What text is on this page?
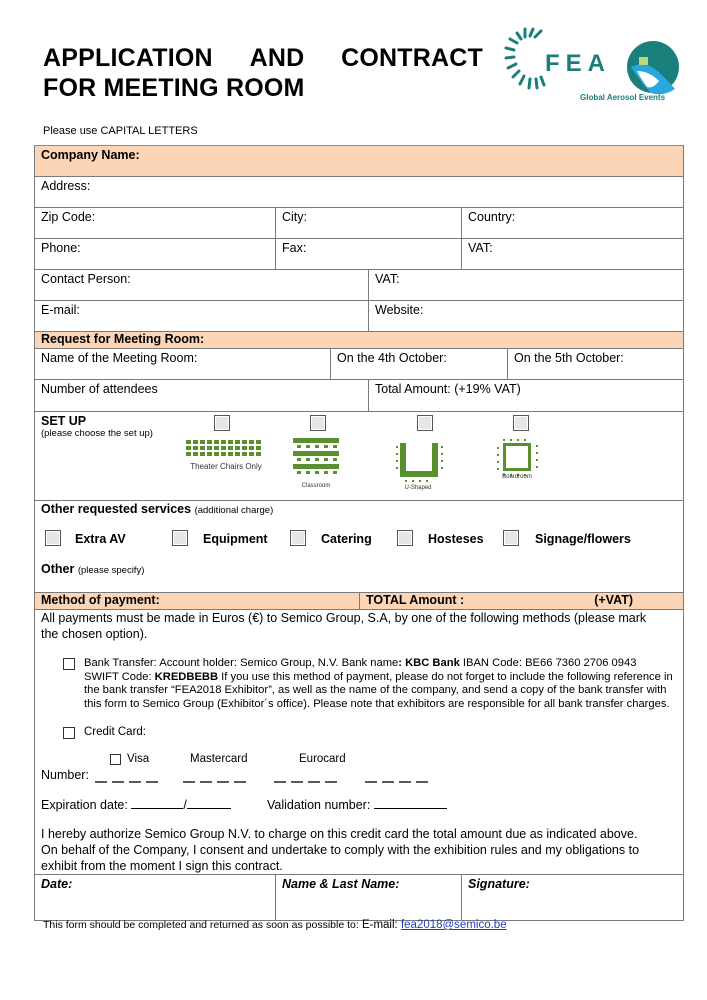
APPLICATION AND CONTRACT
FOR MEETING ROOM
FEA
Global Aerosol Events
Please use CAPITAL LETTERS
Company Name:
Address:
Zip Code:	City:	Country:
Phone:	Fax:	VAT:
Contact Person:	VAT:
E-mail:	Website:
Request for Meeting Room:
Name of the Meeting Room:	On the 4th October:	On the 5th October:
Number of attendees	Total Amount: (+19% VAT)
SET UP
(please choose the set up)
Theater Chairs Only
Classroom	U-Shaped
Boardroom
Other requested services (additional charge)
Extra AV	Equipment	Catering	Hosteses	Signage/flowers
Other (please specify)
Method of payment:	TOTAL Amount :	(+VAT)

All payments must be made in Euros (€) to Semico Group, S.A, by one of the following methods (please mark

the chosen option).

Bank Transfer: Account holder: Semico Group, N.V. Bank name: KBC Bank IBAN Code: BE66 7360 2706 0943
SWIFT Code: KREDBEBB If you use this method of payment, please do not forget to include the following reference in the bank transfer “FEA2018 Exhibitor”, as well as the name of the company, and send a copy of the bank transfer with this form to Semico Group (Exhibitor´s office). Please note that exhibitors are responsible for all bank transfer charges.

Credit Card:

Visa	Mastercard	Eurocard

Number:

Expiration date:	/	Validation number:

I hereby authorize Semico Group N.V. to charge on this credit card the total amount due as indicated above.

On behalf of the Company, I consent and undertake to comply with the exhibition rules and my obligations to

exhibit from the moment I sign this contract.

Date:	Name & Last Name:	Signature:
This form should be completed and returned as soon as possible to: E-mail: fea2018@semico.be
